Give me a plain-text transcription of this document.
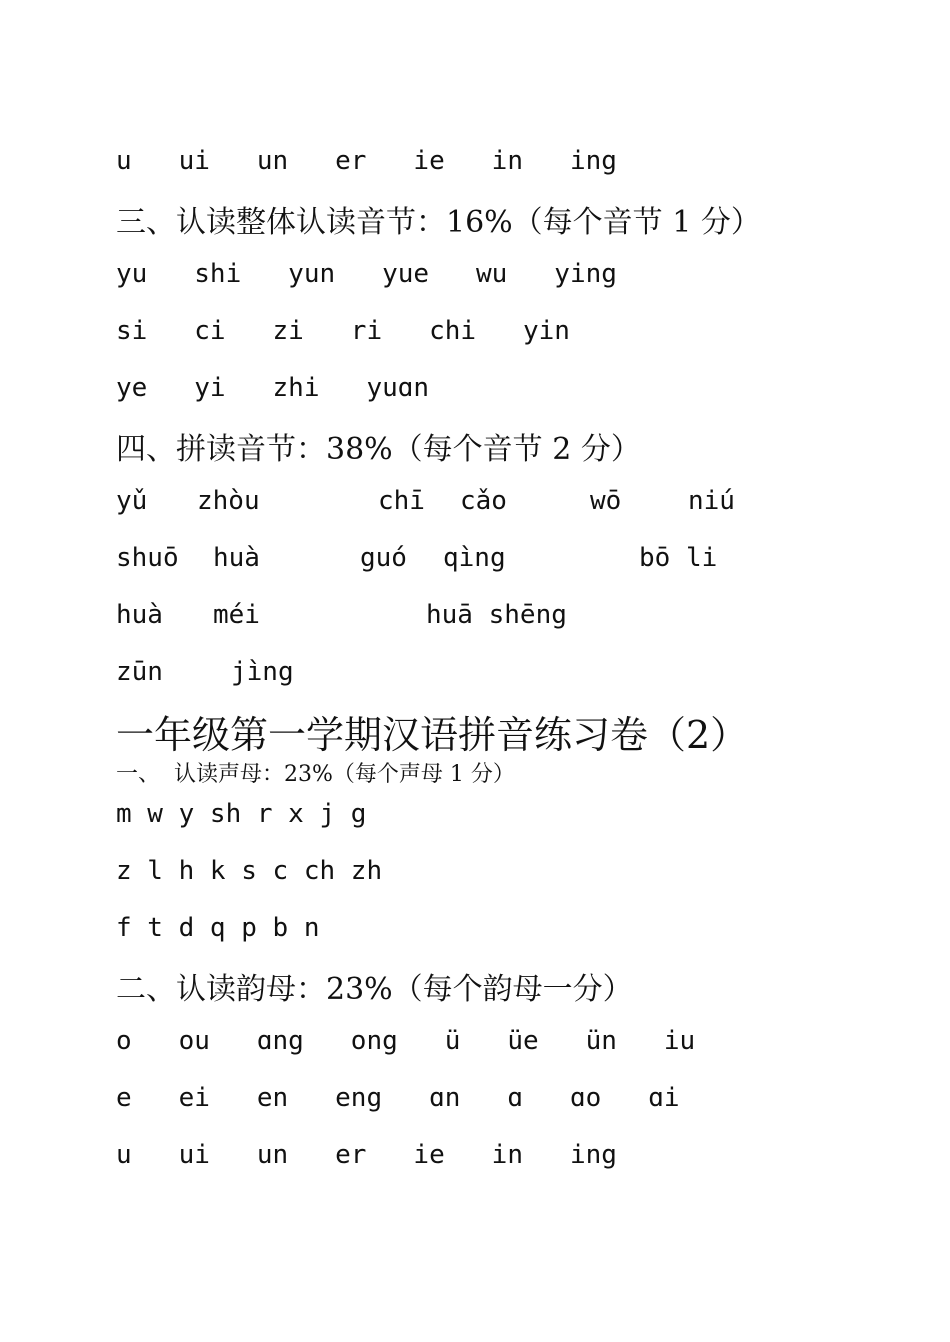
u   ui   un   er   ie   in   ing
三、认读整体认读音节：16%（每个音节 1 分）
yu   shi   yun   yue   wu   ying
si   ci   zi   ri   chi   yin
ye   yi   zhi   yuɑn
四、拼读音节：38%（每个音节 2 分）
yǔ zhòu	chī cǎo	wō	niú
shuō huà	guó qìng	bō li
huà méi	huā shēng
zūn	jìng
一年级第一学期汉语拼音练习卷（2）
一、  认读声母：23%（每个声母 1 分）
m w y sh r x j g
z l h k s c ch zh
f t d q p b n
二、认读韵母：23%（每个韵母一分）
o   ou   ɑng   ong   ü   üe   ün   iu
e   ei   en   eng   ɑn   ɑ   ɑo   ɑi
u   ui   un   er   ie   in   ing
